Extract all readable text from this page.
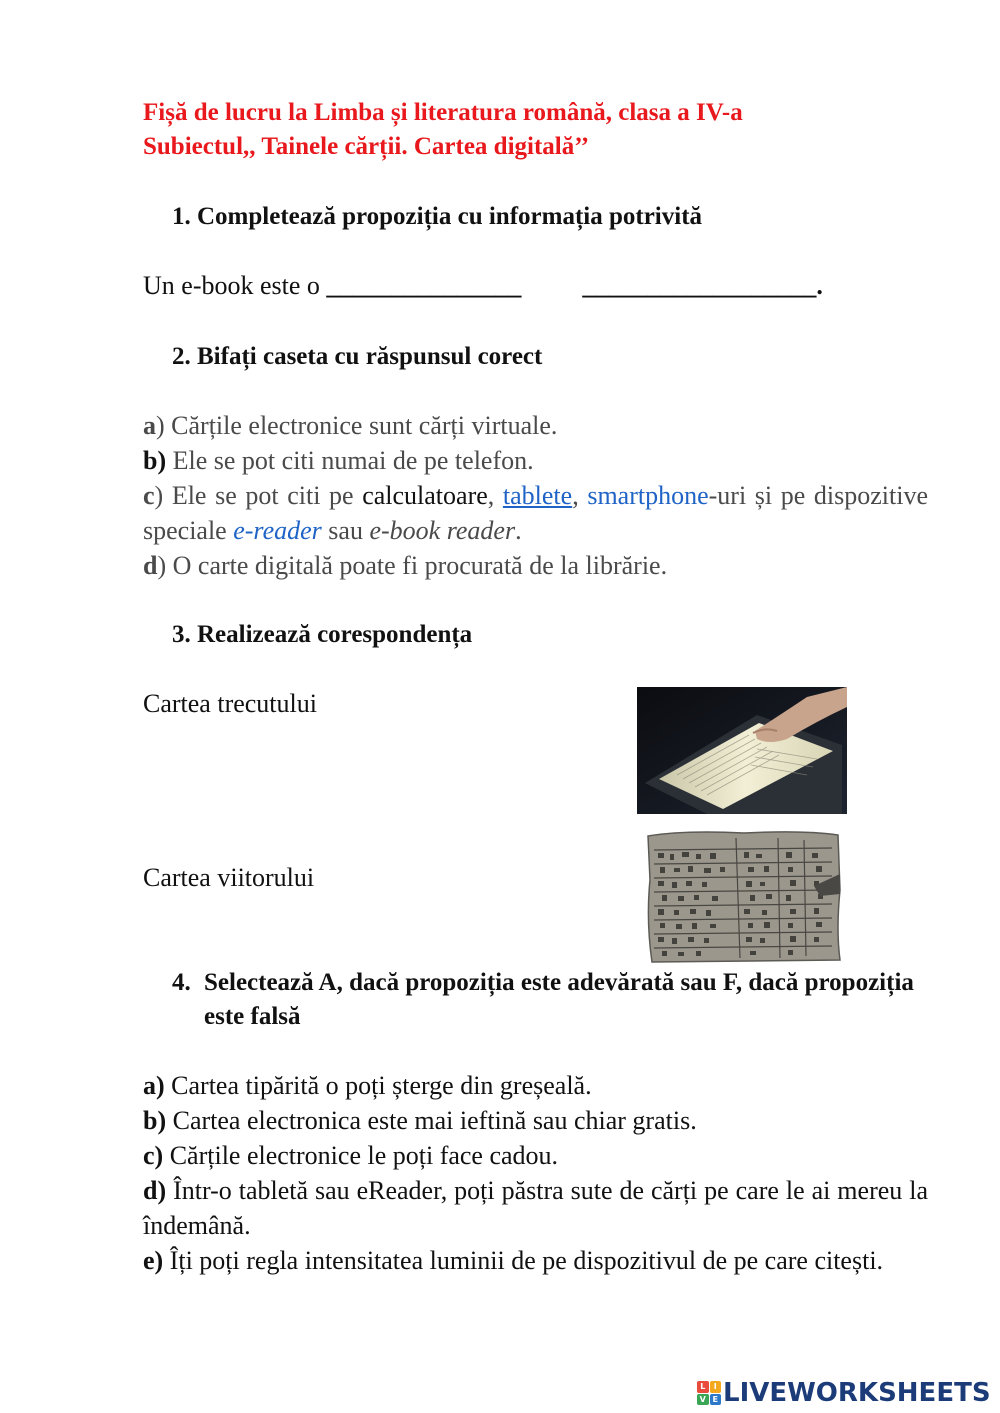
Fișă de lucru la Limba și literatura română, clasa a IV-a
Subiectul,, Tainele cărții. Cartea digitală’’
1. Completează propoziția cu informația potrivită
Un e-book este o _______________ __________________.
2. Bifați caseta cu răspunsul corect
a) Cărțile electronice sunt cărți virtuale.
b) Ele se pot citi numai de pe telefon.
c) Ele se pot citi pe calculatoare, tablete, smartphone-uri și pe dispozitive speciale e-reader sau e-book reader.
d) O carte digitală poate fi procurată de la librărie.
3. Realizează corespondența
Cartea trecutului
Cartea viitorului
4. Selectează A, dacă propoziția este adevărată sau F, dacă propoziția este falsă
a) Cartea tipărită o poți șterge din greșeală.
b) Cartea electronica este mai ieftină sau chiar gratis.
c) Cărțile electronice le poți face cadou.
d) Într-o tabletă sau eReader, poți păstra sute de cărți pe care le ai mereu la îndemână.
e) Îți poți regla intensitatea luminii de pe dispozitivul de pe care citești.
L	I
V E LIVEWORKSHEETS
